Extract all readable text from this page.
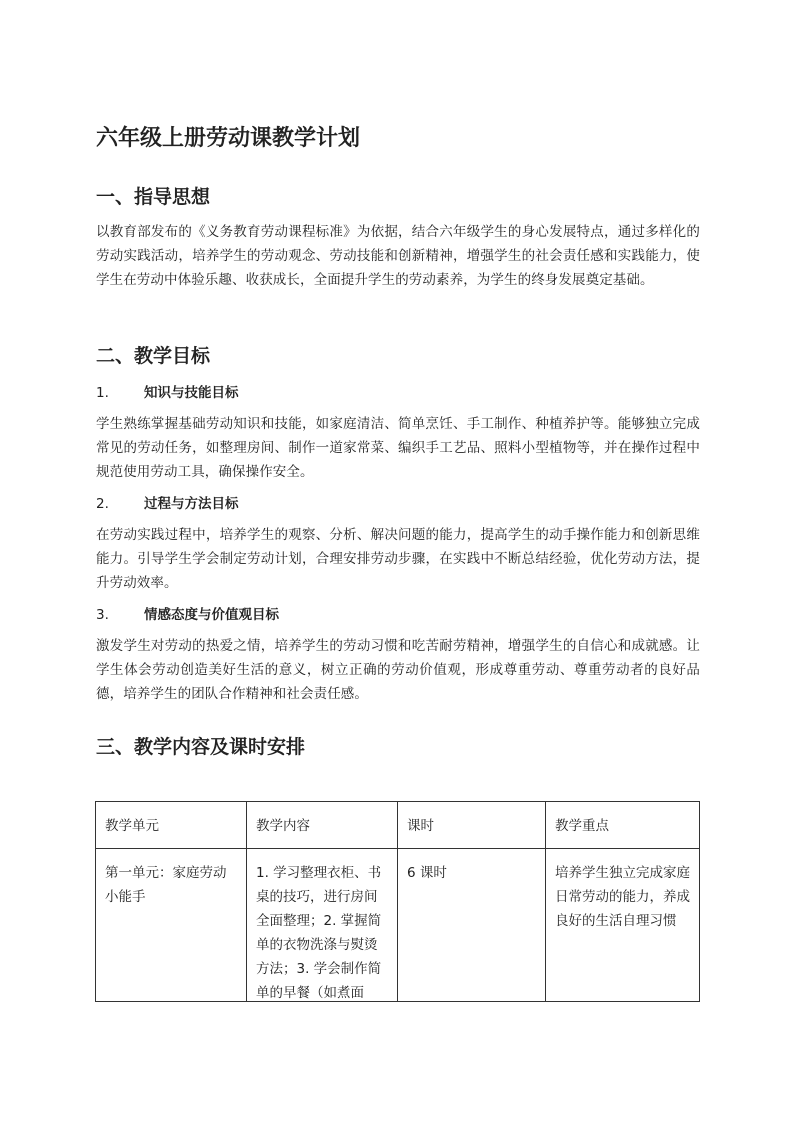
六年级上册劳动课教学计划
一、指导思想
以教育部发布的《义务教育劳动课程标准》为依据，结合六年级学生的身心发展特点，通过多样化的劳动实践活动，培养学生的劳动观念、劳动技能和创新精神，增强学生的社会责任感和实践能力，使学生在劳动中体验乐趣、收获成长，全面提升学生的劳动素养，为学生的终身发展奠定基础。
二、教学目标
1.	知识与技能目标
学生熟练掌握基础劳动知识和技能，如家庭清洁、简单烹饪、手工制作、种植养护等。能够独立完成常见的劳动任务，如整理房间、制作一道家常菜、编织手工艺品、照料小型植物等，并在操作过程中规范使用劳动工具，确保操作安全。
2.	过程与方法目标
在劳动实践过程中，培养学生的观察、分析、解决问题的能力，提高学生的动手操作能力和创新思维能力。引导学生学会制定劳动计划，合理安排劳动步骤，在实践中不断总结经验，优化劳动方法，提升劳动效率。
3.	情感态度与价值观目标
激发学生对劳动的热爱之情，培养学生的劳动习惯和吃苦耐劳精神，增强学生的自信心和成就感。让学生体会劳动创造美好生活的意义，树立正确的劳动价值观，形成尊重劳动、尊重劳动者的良好品德，培养学生的团队合作精神和社会责任感。
三、教学内容及课时安排
教学单元	教学内容	课时	教学重点

第一单元：家庭劳动小能手	1. 学习整理衣柜、书桌的技巧，进行房间全面整理；2. 掌握简单的衣物洗涤与熨烫方法；3. 学会制作简单的早餐（如煮面	6 课时	培养学生独立完成家庭日常劳动的能力，养成良好的生活自理习惯
